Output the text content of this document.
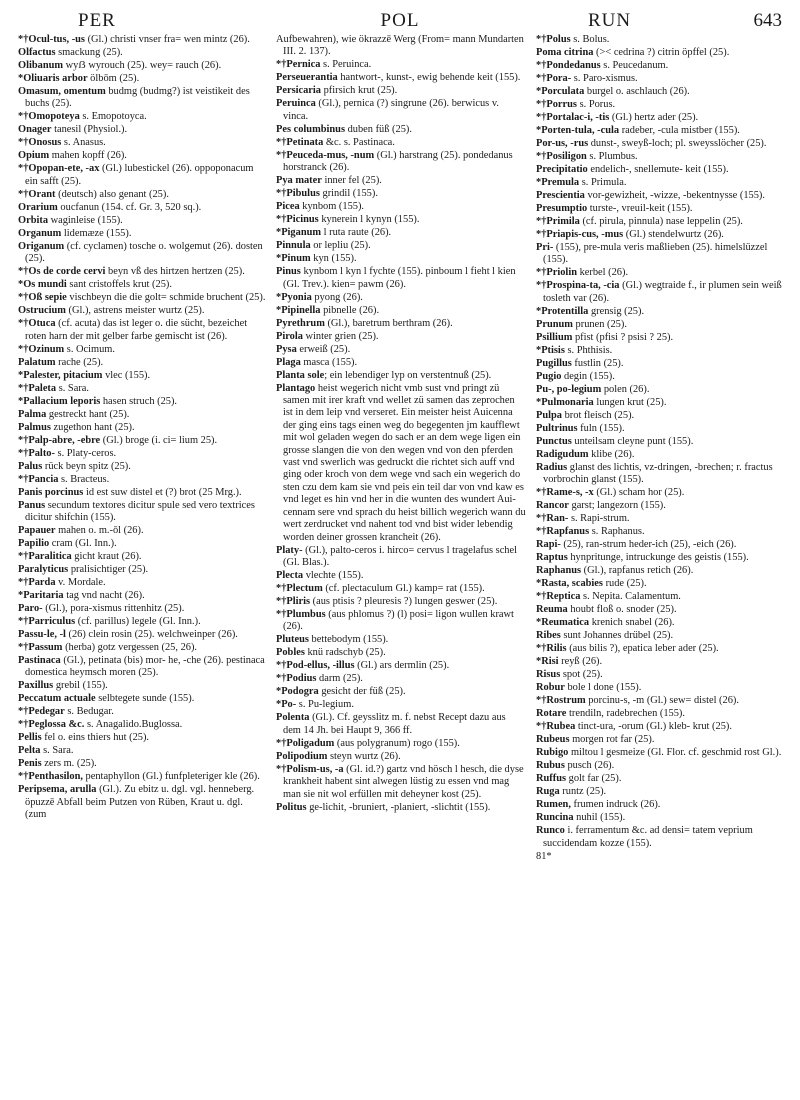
PER	POL	RUN	643
*†Ocul-tus, -us (Gl.) christi vnser fra= wen mintz (26).
Olfactus smackung (25).
Olibanum wyẞ wyrouch (25). wey= rauch (26).
*Oliuaris arbor ölbōm (25).
Omasum, omentum budmg (budmg?) ist veistikeit des buchs (25).
*†Omopoteya s. Emopotoyca.
Onager tanesil (Physiol.).
*†Onosus s. Anasus.
Opium mahen kopff (26).
*†Opopan-ete, -ax (Gl.) lubestickel (26). oppoponacum ein safft (25).
*†Orant (deutsch) also genant (25).
Orarium oucfanun (154. cf. Gr. 3, 520 sq.).
Orbita waginleise (155).
Organum lidemæze (155).
Origanum (cf. cyclamen) tosche o. wolgemut (26). dosten (25).
*†Os de corde cervi beyn vß des hirtzen hertzen (25).
*Os mundi sant cristoffels krut (25).
*†Oß sepie vischbeyn die die golt= schmide bruchent (25).
Ostrucium (Gl.), astrens meister wurtz (25).
*†Otuca (cf. acuta) das ist leger o. die sücht, bezeichet roten harn der mit gelber farbe gemischt ist (26).
*†Ozinum s. Ocimum.
Palatum rache (25).
*Palester, pitacium vlec (155).
*†Paleta s. Sara.
*Pallacium leporis hasen struch (25).
Palma gestreckt hant (25).
Palmus zugethon hant (25).
*†Palp-abre, -ebre (Gl.) broge (i. ci= lium 25).
*†Palto- s. Platy-ceros.
Palus rück beyn spitz (25).
*†Pancia s. Bracteus.
Panis porcinus id est suw distel et (?) brot (25 Mrg.).
Panus secundum textores dicitur spule sed vero textrices dicitur shifchin (155).
Papauer mahen o. m.-ōl (26).
Papilio cram (Gl. Inn.).
*†Paralitica gicht kraut (26).
Paralyticus pralisichtiger (25).
*†Parda v. Mordale.
*Paritaria tag vnd nacht (26).
Paro- (Gl.), pora-xismus rittenhitz (25).
*†Parriculus (cf. parillus) legele (Gl. Inn.).
Passu-le, -l (26) clein rosin (25). welchweinper (26).
*†Passum (herba) gotz vergessen (25, 26).
Pastinaca (Gl.), petinata (bis) mor- he, -che (26). pestinaca domestica heymsch moren (25).
Paxillus grebil (155).
Peccatum actuale selbtegete sunde (155).
*†Pedegar s. Bedugar.
*†Peglossa &c. s. Anagalido.Buglossa.
Pellis fel o. eins thiers hut (25).
Pelta s. Sara.
Penis zers m. (25).
*†Penthasilon, pentaphyllon (Gl.) funfpleteriger kle (26).
Peripsema, arulla (Gl.). Zu ebitz u. dgl. vgl. henneberg. öpuzzē Abfall beim Putzen von Rüben, Kraut u. dgl. (zum
Aufbewahren), wie ökrazzē Werg (From= mann Mundarten III. 2. 137).
*†Pernica s. Peruinca.
Perseuerantia hantwort-, kunst-, ewig behende keit (155).
Persicaria pfirsich krut (25).
Peruinca (Gl.), pernica (?) singrune (26). berwicus v. vinca.
Pes columbinus duben füß (25).
*†Petinata &c. s. Pastinaca.
*†Peuceda-mus, -num (Gl.) harstrang (25). pondedanus horstranck (26).
Pya mater inner fel (25).
*†Pibulus grindil (155).
Picea kynbom (155).
*†Picinus kynerein l kynyn (155).
*Piganum l ruta raute (26).
Pinnula or lepliu (25).
*Pinum kyn (155).
Pinus kynbom l kyn l fychte (155). pinboum l fieht l kien (Gl. Trev.). kien= pawm (26).
*Pyonia pyong (26).
*Pipinella pibnelle (26).
Pyrethrum (Gl.), baretrum berthram (26).
Pirola winter grien (25).
Pysa erweiß (25).
Plaga masca (155).
Planta sole; ein lebendiger lyp on verstentnuß (25).
Plantago heist wegerich nicht vmb sust vnd pringt zü samen mit irer kraft vnd wellet zü samen das zeprochen ist in dem leip vnd verseret. Ein meister heist Auicenna der ging eins tags einen weg do begegenten jm kaufflewt mit wol geladen wegen do sach er an dem wege ligen ein grosse slangen die von den wegen vnd von den pferden vast vnd swerlich was gedruckt die richtet sich auff vnd ging oder kroch von dem wege vnd sach ein wegerich do sten czu dem kam sie vnd peis ein teil dar von vnd kaw es vnd leget es hin vnd her in die wunten des wundert Aui- cennam sere vnd sprach du heist billich wegerich wann du wert zerdrucket vnd nahent tod vnd bist wider lebendig worden deiner grossen krancheit (26).
Platy- (Gl.), palto-ceros i. hirco= cervus l tragelafus schel (Gl. Blas.).
Plecta vlechte (155).
*†Plectum (cf. plectaculum Gl.) kamp= rat (155).
*†Pliris (aus ptisis ? pleuresis ?) lungen geswer (25).
*†Plumbus (aus phlomus ?) (l) posi= ligon wullen krawt (26).
Pluteus bettebodym (155).
Pobles knü radschyb (25).
*†Pod-ellus, -illus (Gl.) ars dermlin (25).
*†Podius darm (25).
*Podogra gesicht der füß (25).
*Po- s. Pu-legium.
Polenta (Gl.). Cf. geysslitz m. f. nebst Recept dazu aus dem 14 Jh. bei Haupt 9, 366 ff.
*†Poligadum (aus polygranum) rogo (155).
Polipodium steyn wurtz (26).
*†Polism-us, -a (Gl. id.?) gartz vnd hösch l hesch, die dyse krankheit habent sint alwegen lüstig zu essen vnd mag man sie nit wol erfüllen mit deheyner kost (25).
Politus ge-lichit, -bruniert, -planiert, -slichtit (155).
*†Polus s. Bolus.
Poma citrina (>< cedrina ?) citrin öpffel (25).
*†Pondedanus s. Peucedanum.
*†Pora- s. Paro-xismus.
*Porculata burgel o. aschlauch (26).
*†Porrus s. Porus.
*†Portalac-i, -tis (Gl.) hertz ader (25).
*Porten-tula, -cula radeber, -cula mistber (155).
Por-us, -rus dunst-, sweyß-loch; pl. sweysslöcher (25).
*†Posiligon s. Plumbus.
Precipitatio endelich-, snellemute- keit (155).
*Premula s. Primula.
Prescientia vor-gewizheit, -wizze, -bekentnysse (155).
Presumptio turste-, vreuil-keit (155).
*†Primila (cf. pirula, pinnula) nase leppelin (25).
*†Priapis-cus, -mus (Gl.) stendelwurtz (26).
Pri- (155), pre-mula veris maßlieben (25). himelslüzzel (155).
*†Priolin kerbel (26).
*†Prospina-ta, -cia (Gl.) wegtraide f., ir plumen sein weiß tosleth var (26).
*Protentilla grensig (25).
Prunum prunen (25).
Psillium pfist (pfisi ? psisi ? 25).
*Ptisis s. Phthisis.
Pugillus fustlin (25).
Pugio degin (155).
Pu-, po-legium polen (26).
*Pulmonaria lungen krut (25).
Pulpa brot fleisch (25).
Pultrinus fuln (155).
Punctus unteilsam cleyne punt (155).
Radigudum klibe (26).
Radius glanst des lichtis, vz-dringen, -brechen; r. fractus vorbrochin glanst (155).
*†Rame-s, -x (Gl.) scham hor (25).
Rancor garst; langezorn (155).
*†Ran- s. Rapi-strum.
*†Rapfanus s. Raphanus.
Rapi- (25), ran-strum heder-ich (25), -eich (26).
Raptus hynpritunge, intruckunge des geistis (155).
Raphanus (Gl.), rapfanus retich (26).
*Rasta, scabies rude (25).
*†Reptica s. Nepita. Calamentum.
Reuma houbt floß o. snoder (25).
*Reumatica krenich snabel (26).
Ribes sunt Johannes drübel (25).
*†Rilis (aus bilis ?), epatica leber ader (25).
*Risi reyß (26).
Risus spot (25).
Robur bole l done (155).
*†Rostrum porcinu-s, -m (Gl.) sew= distel (26).
Rotare trendiln, radebrechen (155).
*†Rubea tinct-ura, -orum (Gl.) kleb- krut (25).
Rubeus morgen rot far (25).
Rubigo miltou l gesmeize (Gl. Flor. cf. geschmid rost Gl.).
Rubus pusch (26).
Ruffus golt far (25).
Ruga runtz (25).
Rumen, frumen indruck (26).
Runcina nuhil (155).
Runco i. ferramentum &c. ad densi= tatem veprium succidendam kozze (155).
81*
